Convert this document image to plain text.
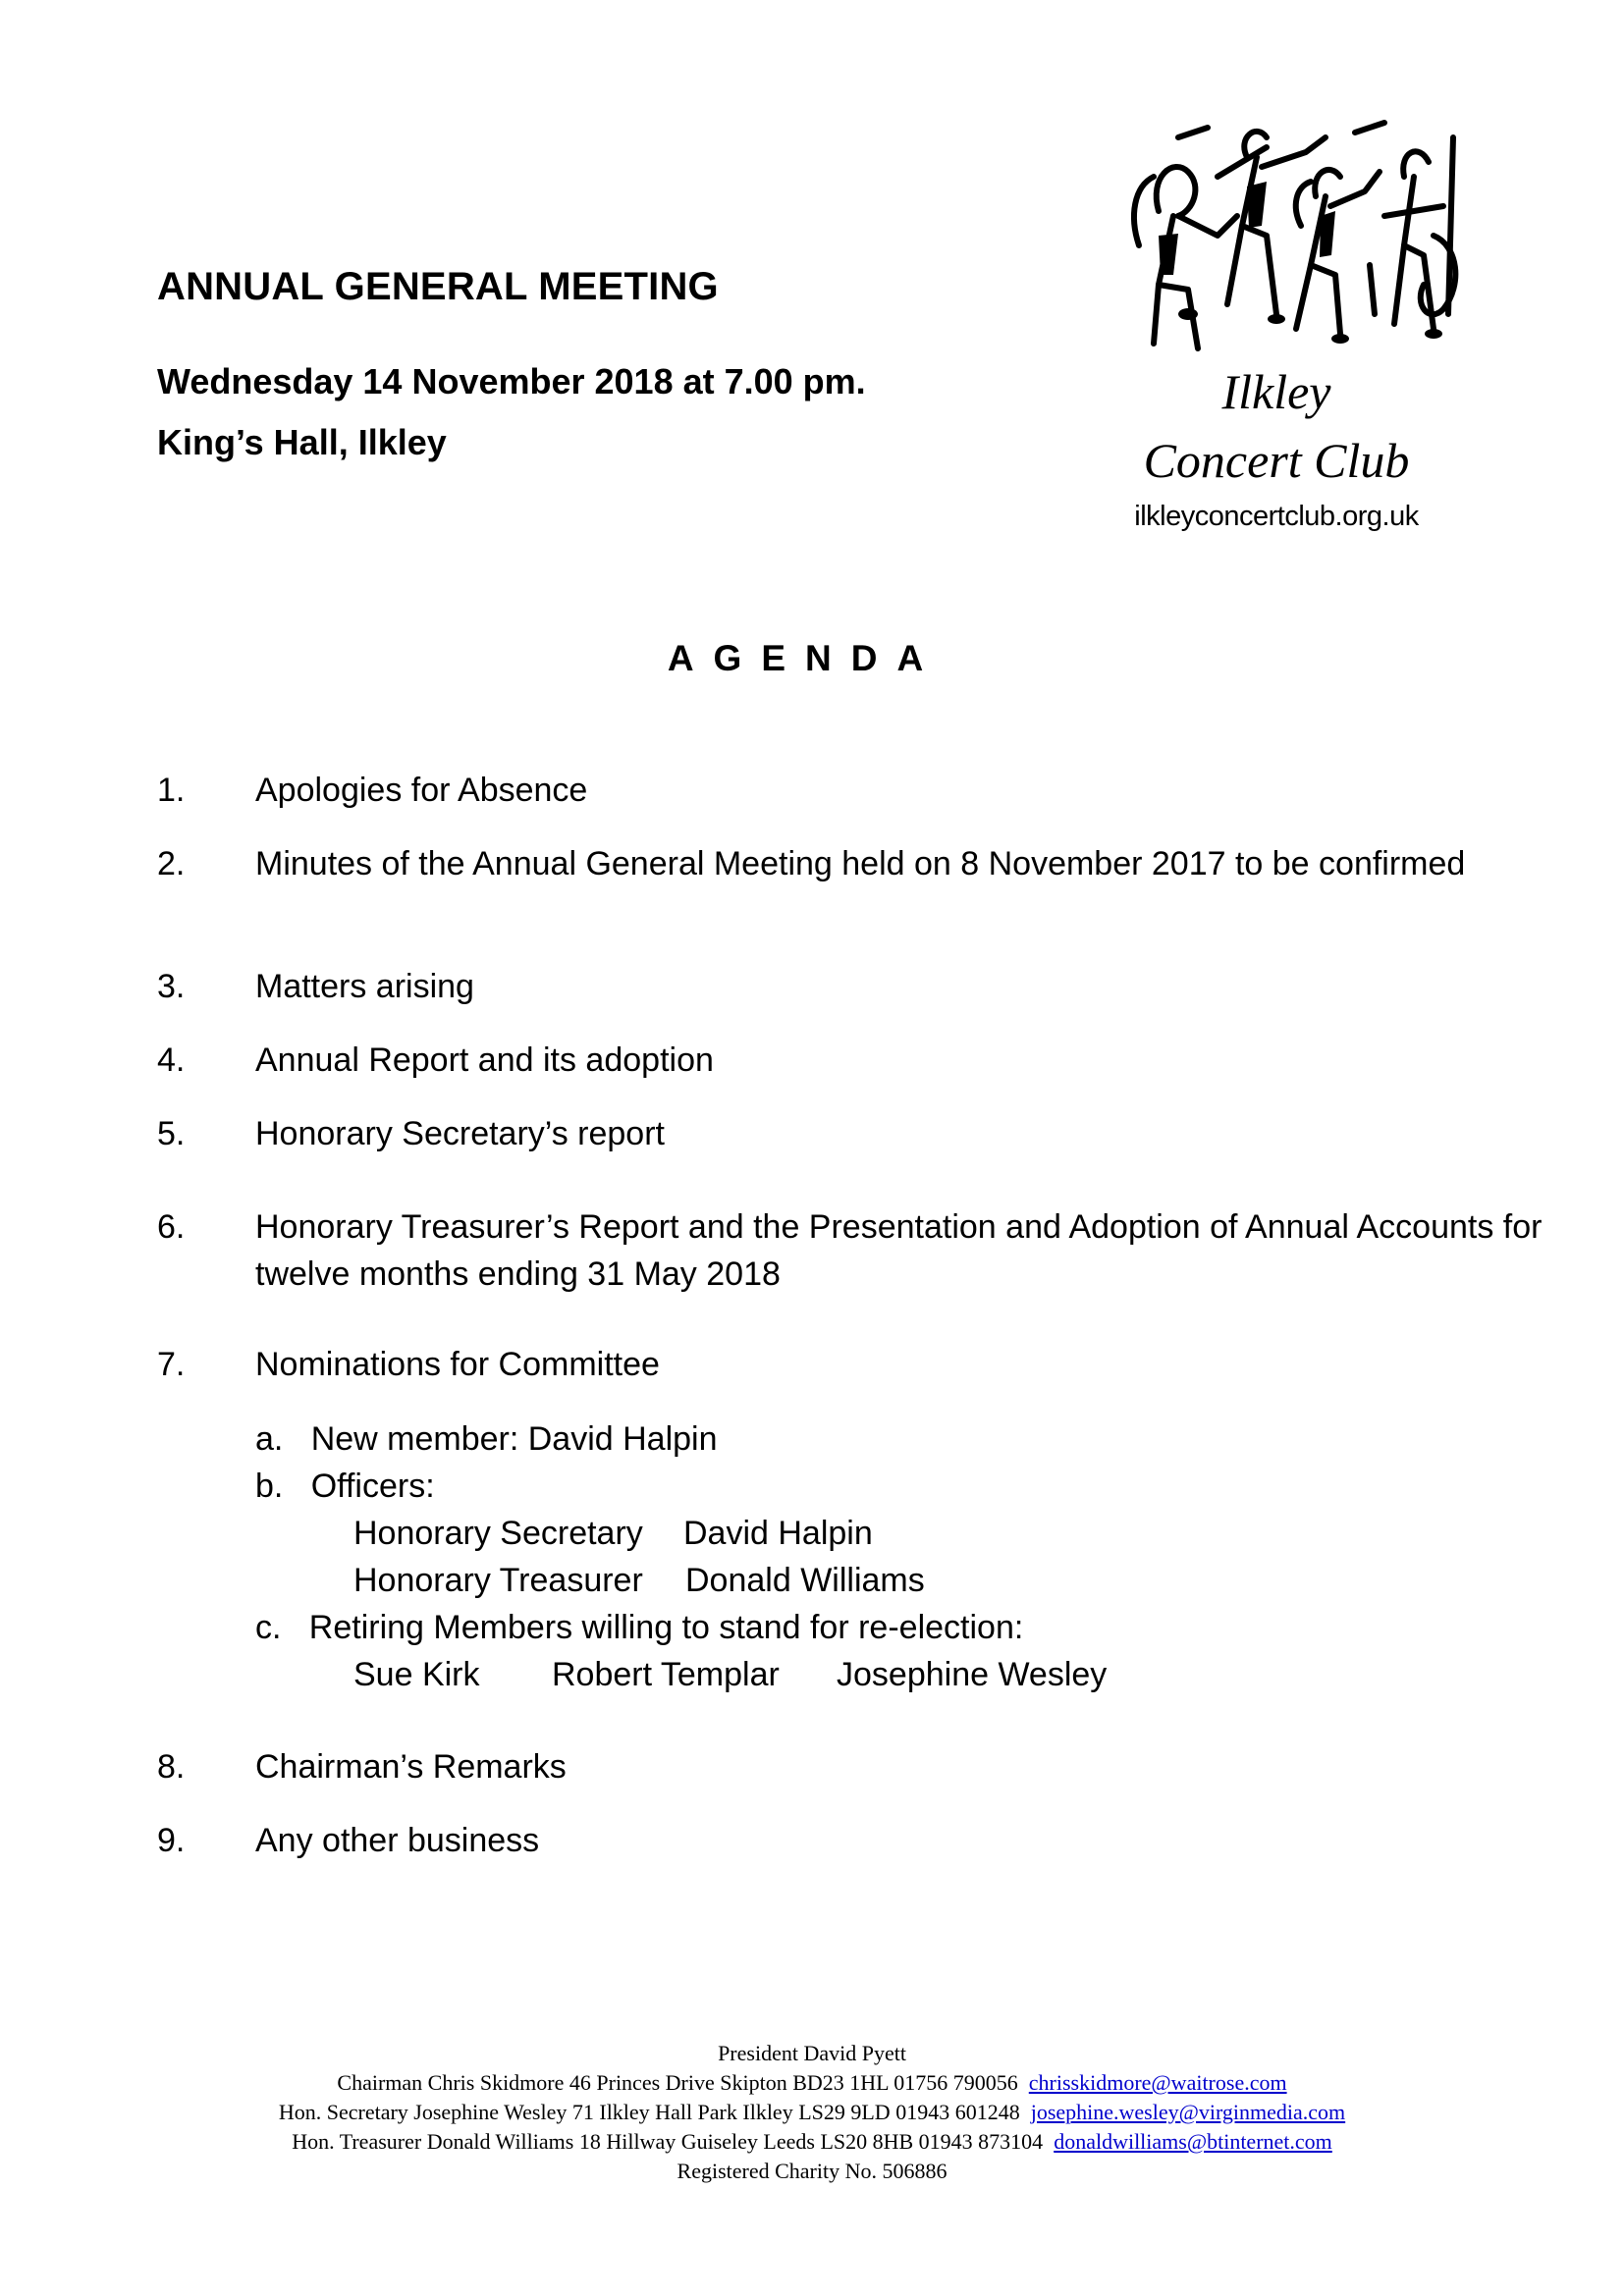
ANNUAL GENERAL MEETING
Wednesday 14 November 2018 at 7.00 pm.
King’s Hall, Ilkley
Ilkley
Concert Club
ilkleyconcertclub.org.uk
AGENDA
1.	Apologies for Absence
2.	Minutes of the Annual General Meeting held on 8 November 2017 to be confirmed
3.	Matters arising
4.	Annual Report and its adoption
5.	Honorary Secretary’s report
6.	Honorary Treasurer’s Report and the Presentation and Adoption of Annual Accounts for twelve months ending 31 May 2018
7.	Nominations for Committee
a.   New member: David Halpin
b.   Officers:
Honorary Secretary David Halpin
Honorary Treasurer Donald Williams
c.   Retiring Members willing to stand for re-election:
Sue Kirk Robert Templar Josephine Wesley
8.	Chairman’s Remarks
9.	Any other business
President David Pyett
Chairman Chris Skidmore 46 Princes Drive Skipton BD23 1HL 01756 790056 chrisskidmore@waitrose.com
Hon. Secretary Josephine Wesley 71 Ilkley Hall Park Ilkley LS29 9LD 01943 601248 josephine.wesley@virginmedia.com
Hon. Treasurer Donald Williams 18 Hillway Guiseley Leeds LS20 8HB 01943 873104 donaldwilliams@btinternet.com
Registered Charity No. 506886
